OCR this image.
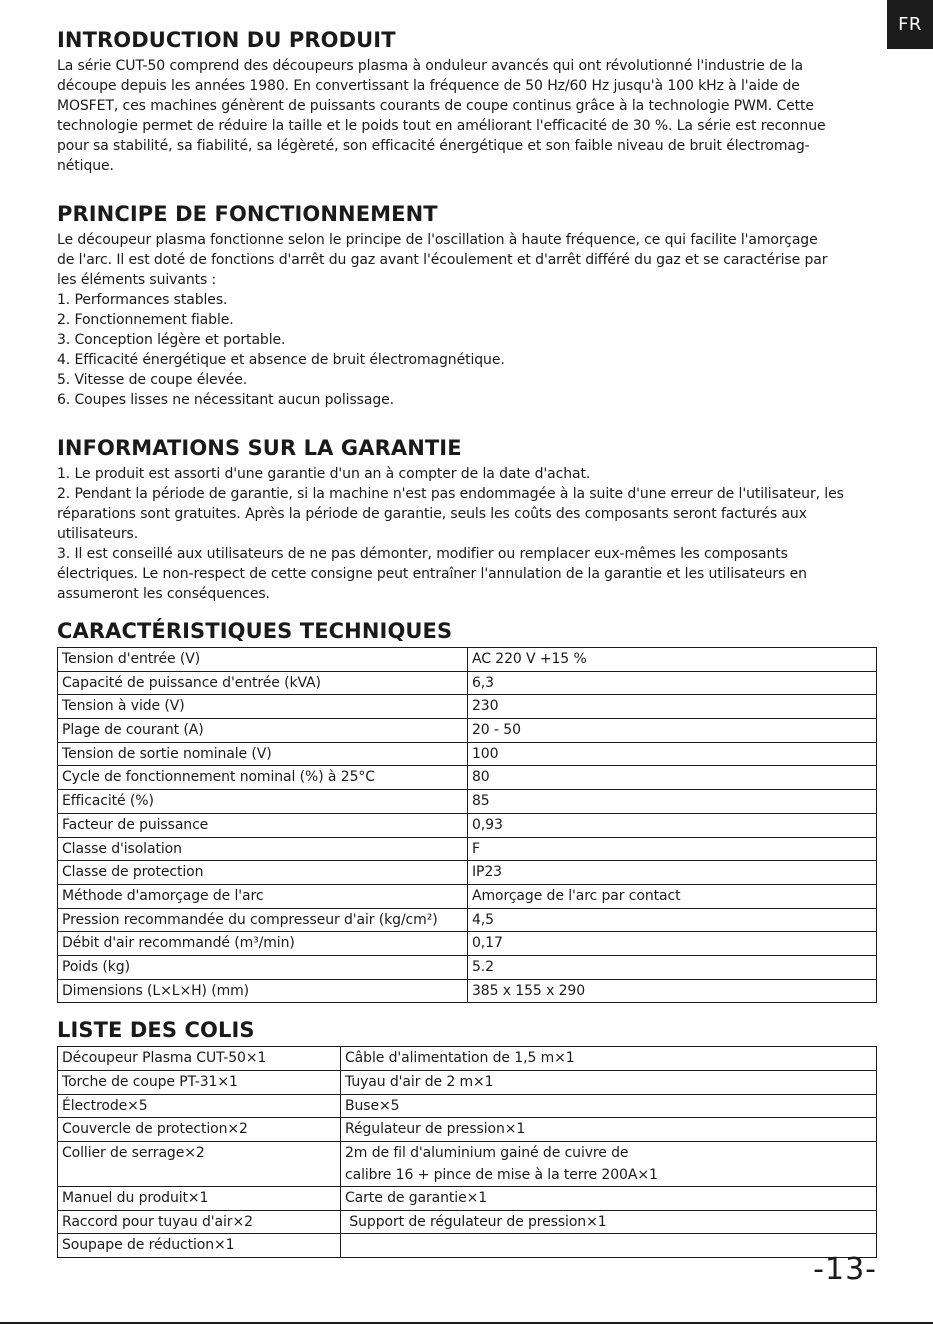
FR
INTRODUCTION DU PRODUIT

La série CUT-50 comprend des découpeurs plasma à onduleur avancés qui ont révolutionné l'industrie de la
découpe depuis les années 1980. En convertissant la fréquence de 50 Hz/60 Hz jusqu'à 100 kHz à l'aide de
MOSFET, ces machines génèrent de puissants courants de coupe continus grâce à la technologie PWM. Cette
technologie permet de réduire la taille et le poids tout en améliorant l'efficacité de 30 %. La série est reconnue
pour sa stabilité, sa fiabilité, sa légèreté, son efficacité énergétique et son faible niveau de bruit électromag-
nétique.

PRINCIPE DE FONCTIONNEMENT

Le découpeur plasma fonctionne selon le principe de l'oscillation à haute fréquence, ce qui facilite l'amorçage
de l'arc. Il est doté de fonctions d'arrêt du gaz avant l'écoulement et d'arrêt différé du gaz et se caractérise par
les éléments suivants :

1. Performances stables.
2. Fonctionnement fiable.
3. Conception légère et portable.
4. Efficacité énergétique et absence de bruit électromagnétique.
5. Vitesse de coupe élevée.
6. Coupes lisses ne nécessitant aucun polissage.
INFORMATIONS SUR LA GARANTIE

1. Le produit est assorti d'une garantie d'un an à compter de la date d'achat.
2. Pendant la période de garantie, si la machine n'est pas endommagée à la suite d'une erreur de l'utilisateur, les
réparations sont gratuites. Après la période de garantie, seuls les coûts des composants seront facturés aux
utilisateurs.
3. Il est conseillé aux utilisateurs de ne pas démonter, modifier ou remplacer eux-mêmes les composants
électriques. Le non-respect de cette consigne peut entraîner l'annulation de la garantie et les utilisateurs en
assumeront les conséquences.

CARACTÉRISTIQUES TECHNIQUES
Tension d'entrée (V)	AC 220 V +15 %
Capacité de puissance d'entrée (kVA)	6,3
Tension à vide (V)	230
Plage de courant (A)	20 - 50
Tension de sortie nominale (V)	100
Cycle de fonctionnement nominal (%) à 25°C	80
Efficacité (%)	85
Facteur de puissance	0,93
Classe d'isolation	F
Classe de protection	IP23
Méthode d'amorçage de l'arc	Amorçage de l'arc par contact
Pression recommandée du compresseur d'air (kg/cm²)	4,5
Débit d'air recommandé (m³/min)	0,17
Poids (kg)	5.2
Dimensions (L×L×H) (mm)	385 x 155 x 290
LISTE DES COLIS
Découpeur Plasma CUT-50×1	Câble d'alimentation de 1,5 m×1
Torche de coupe PT-31×1	Tuyau d'air de 2 m×1
Électrode×5	Buse×5
Couvercle de protection×2	Régulateur de pression×1
Collier de serrage×2	2m de fil d'aluminium gainé de cuivre de
calibre 16 + pince de mise à la terre 200A×1
Manuel du produit×1	Carte de garantie×1
Raccord pour tuyau d'air×2	Support de régulateur de pression×1
Soupape de réduction×1	
-13-
